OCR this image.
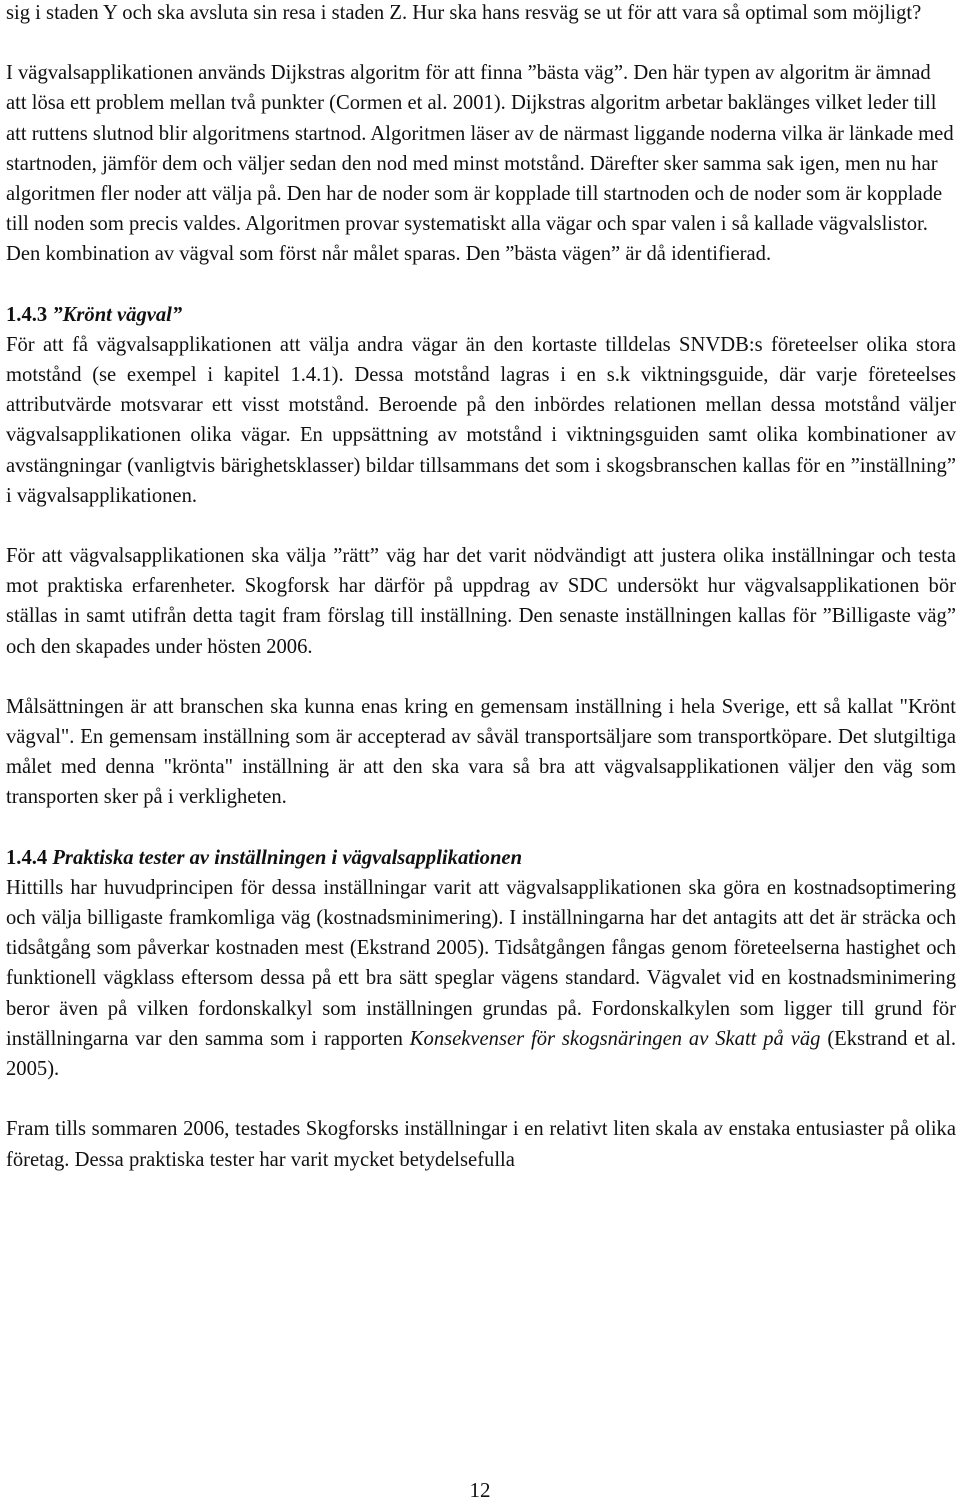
sig i staden Y och ska avsluta sin resa i staden Z. Hur ska hans resväg se ut för att vara så optimal som möjligt?

I vägvalsapplikationen används Dijkstras algoritm för att finna ”bästa väg”. Den här typen av algoritm är ämnad att lösa ett problem mellan två punkter (Cormen et al. 2001). Dijkstras algoritm arbetar baklänges vilket leder till att ruttens slutnod blir algoritmens startnod. Algoritmen läser av de närmast liggande noderna vilka är länkade med startnoden, jämför dem och väljer sedan den nod med minst motstånd. Därefter sker samma sak igen, men nu har algoritmen fler noder att välja på. Den har de noder som är kopplade till startnoden och de noder som är kopplade till noden som precis valdes. Algoritmen provar systematiskt alla vägar och spar valen i så kallade vägvalslistor. Den kombination av vägval som först når målet sparas. Den ”bästa vägen” är då identifierad.

1.4.3 ”Krönt vägval”

För att få vägvalsapplikationen att välja andra vägar än den kortaste tilldelas SNVDB:s företeelser olika stora motstånd (se exempel i kapitel 1.4.1). Dessa motstånd lagras i en s.k viktningsguide, där varje företeelses attributvärde motsvarar ett visst motstånd. Beroende på den inbördes relationen mellan dessa motstånd väljer vägvalsapplikationen olika vägar. En uppsättning av motstånd i viktningsguiden samt olika kombinationer av avstängningar (vanligtvis bärighetsklasser) bildar tillsammans det som i skogsbranschen kallas för en ”inställning” i vägvalsapplikationen.

För att vägvalsapplikationen ska välja ”rätt” väg har det varit nödvändigt att justera olika inställningar och testa mot praktiska erfarenheter. Skogforsk har därför på uppdrag av SDC undersökt hur vägvalsapplikationen bör ställas in samt utifrån detta tagit fram förslag till inställning. Den senaste inställningen kallas för ”Billigaste väg” och den skapades under hösten 2006.

Målsättningen är att branschen ska kunna enas kring en gemensam inställning i hela Sverige, ett så kallat "Krönt vägval". En gemensam inställning som är accepterad av såväl transportsäljare som transportköpare. Det slutgiltiga målet med denna "krönta" inställning är att den ska vara så bra att vägvalsapplikationen väljer den väg som transporten sker på i verkligheten.

1.4.4 Praktiska tester av inställningen i vägvalsapplikationen

Hittills har huvudprincipen för dessa inställningar varit att vägvalsapplikationen ska göra en kostnadsoptimering och välja billigaste framkomliga väg (kostnadsminimering). I inställningarna har det antagits att det är sträcka och tidsåtgång som påverkar kostnaden mest (Ekstrand 2005). Tidsåtgången fångas genom företeelserna hastighet och funktionell vägklass eftersom dessa på ett bra sätt speglar vägens standard. Vägvalet vid en kostnadsminimering beror även på vilken fordonskalkyl som inställningen grundas på. Fordonskalkylen som ligger till grund för inställningarna var den samma som i rapporten Konsekvenser för skogsnäringen av Skatt på väg (Ekstrand et al. 2005).

Fram tills sommaren 2006, testades Skogforsks inställningar i en relativt liten skala av enstaka entusiaster på olika företag. Dessa praktiska tester har varit mycket betydelsefulla

12
